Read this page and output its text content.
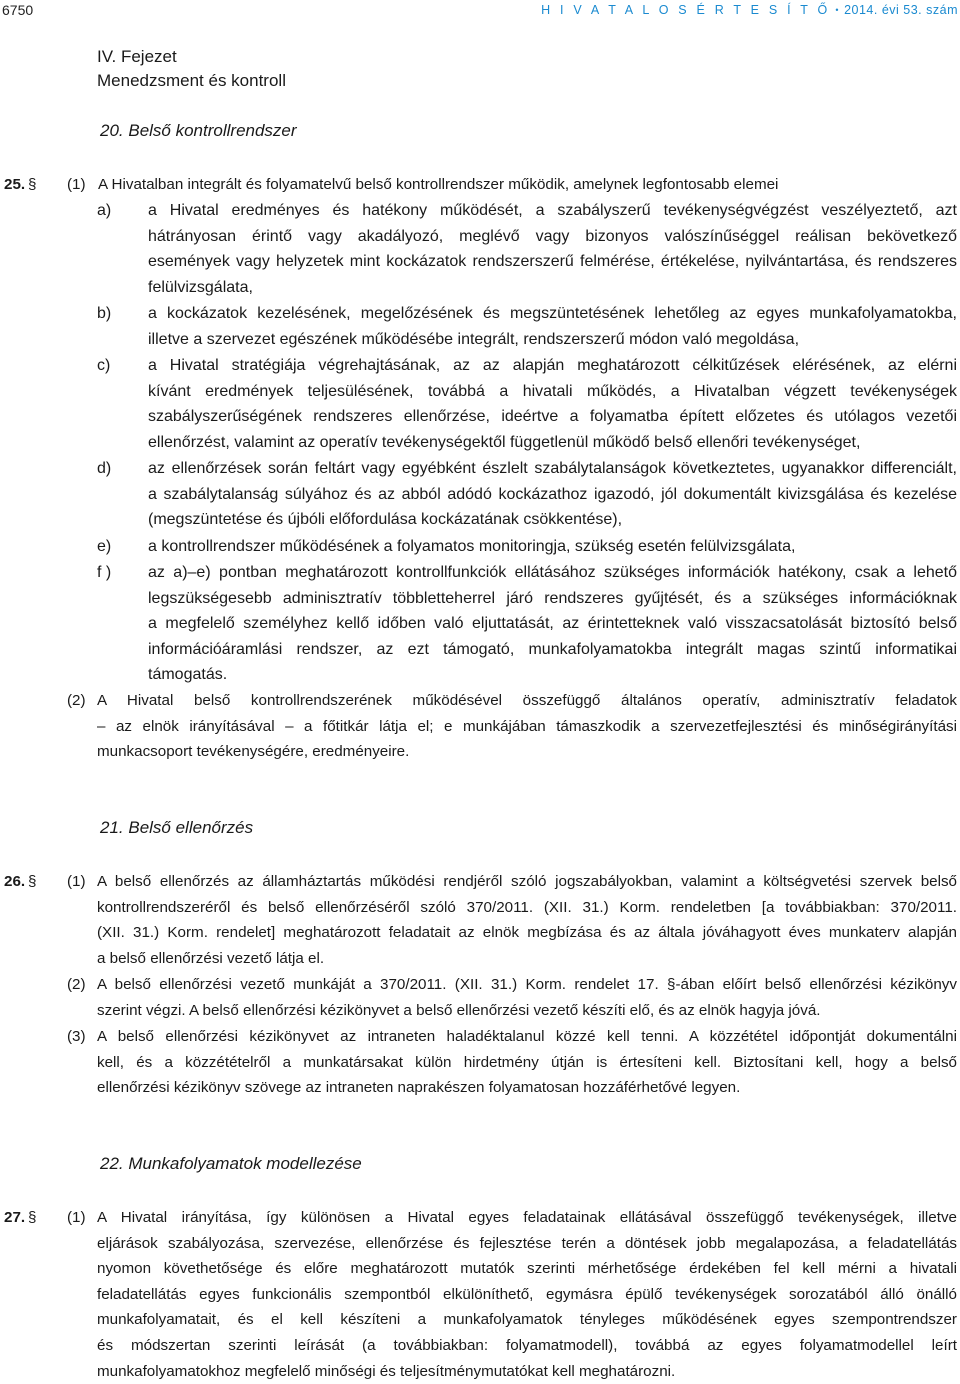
6750	H I V A T A L O S É R T E S Í T Ő • 2014. évi 53. szám
IV. Fejezet
Menedzsment és kontroll
20. Belső kontrollrendszer
25. § (1) A Hivatalban integrált és folyamatelvű belső kontrollrendszer működik, amelynek legfontosabb elemei
a) a Hivatal eredményes és hatékony működését, a szabályszerű tevékenységvégzést veszélyeztető, azt
hátrányosan érintő vagy akadályozó, meglévő vagy bizonyos valószínűséggel reálisan bekövetkező
események vagy helyzetek mint kockázatok rendszerszerű felmérése, értékelése, nyilvántartása, és rendszeres
felülvizsgálata,
b) a kockázatok kezelésének, megelőzésének és megszüntetésének lehetőleg az egyes munkafolyamatokba,
illetve a szervezet egészének működésébe integrált, rendszerszerű módon való megoldása,
c) a Hivatal stratégiája végrehajtásának, az az alapján meghatározott célkitűzések elérésének, az elérni
kívánt eredmények teljesülésének, továbbá a hivatali működés, a Hivatalban végzett tevékenységek
szabályszerűségének rendszeres ellenőrzése, ideértve a folyamatba épített előzetes és utólagos vezetői
ellenőrzést, valamint az operatív tevékenységektől függetlenül működő belső ellenőri tevékenységet,
d) az ellenőrzések során feltárt vagy egyébként észlelt szabálytalanságok következtetes, ugyanakkor differenciált,
a szabálytalanság súlyához és az abból adódó kockázathoz igazodó, jól dokumentált kivizsgálása és kezelése
(megszüntetése és újbóli előfordulása kockázatának csökkentése),
e) a kontrollrendszer működésének a folyamatos monitoringja, szükség esetén felülvizsgálata,
f ) az a)–e) pontban meghatározott kontrollfunkciók ellátásához szükséges információk hatékony, csak a lehető
legszükségesebb adminisztratív többletteherrel járó rendszeres gyűjtését, és a szükséges információknak
a megfelelő személyhez kellő időben való eljuttatását, az érintetteknek való visszacsatolását biztosító belső
információáramlási rendszer, az ezt támogató, munkafolyamatokba integrált magas szintű informatikai
támogatás.
(2) A Hivatal belső kontrollrendszerének működésével összefüggő általános operatív, adminisztratív feladatok
– az elnök irányításával – a főtitkár látja el; e munkájában támaszkodik a szervezetfejlesztési és minőségirányítási
munkacsoport tevékenységére, eredményeire.
21. Belső ellenőrzés
26. § (1) A belső ellenőrzés az államháztartás működési rendjéről szóló jogszabályokban, valamint a költségvetési szervek belső
kontrollrendszeréről és belső ellenőrzéséről szóló 370/2011. (XII. 31.) Korm. rendeletben [a továbbiakban: 370/2011.
(XII. 31.) Korm. rendelet] meghatározott feladatait az elnök megbízása és az általa jóváhagyott éves munkaterv alapján
a belső ellenőrzési vezető látja el.
(2) A belső ellenőrzési vezető munkáját a 370/2011. (XII. 31.) Korm. rendelet 17. §-ában előírt belső ellenőrzési kézikönyv
szerint végzi. A belső ellenőrzési kézikönyvet a belső ellenőrzési vezető készíti elő, és az elnök hagyja jóvá.
(3) A belső ellenőrzési kézikönyvet az intraneten haladéktalanul közzé kell tenni. A közzététel időpontját dokumentálni
kell, és a közzétételről a munkatársakat külön hirdetmény útján is értesíteni kell. Biztosítani kell, hogy a belső
ellenőrzési kézikönyv szövege az intraneten naprakészen folyamatosan hozzáférhetővé legyen.
22. Munkafolyamatok modellezése
27. § (1) A Hivatal irányítása, így különösen a Hivatal egyes feladatainak ellátásával összefüggő tevékenységek, illetve
eljárások szabályozása, szervezése, ellenőrzése és fejlesztése terén a döntések jobb megalapozása, a feladatellátás
nyomon követhetősége és előre meghatározott mutatók szerinti mérhetősége érdekében fel kell mérni a hivatali
feladatellátás egyes funkcionális szempontból elkülöníthető, egymásra épülő tevékenységek sorozatából álló önálló
munkafolyamatait, és el kell készíteni a munkafolyamatok tényleges működésének egyes szempontrendszer
és módszertan szerinti leírását (a továbbiakban: folyamatmodell), továbbá az egyes folyamatmodellel leírt
munkafolyamatokhoz megfelelő minőségi és teljesítménymutatókat kell meghatározni.
